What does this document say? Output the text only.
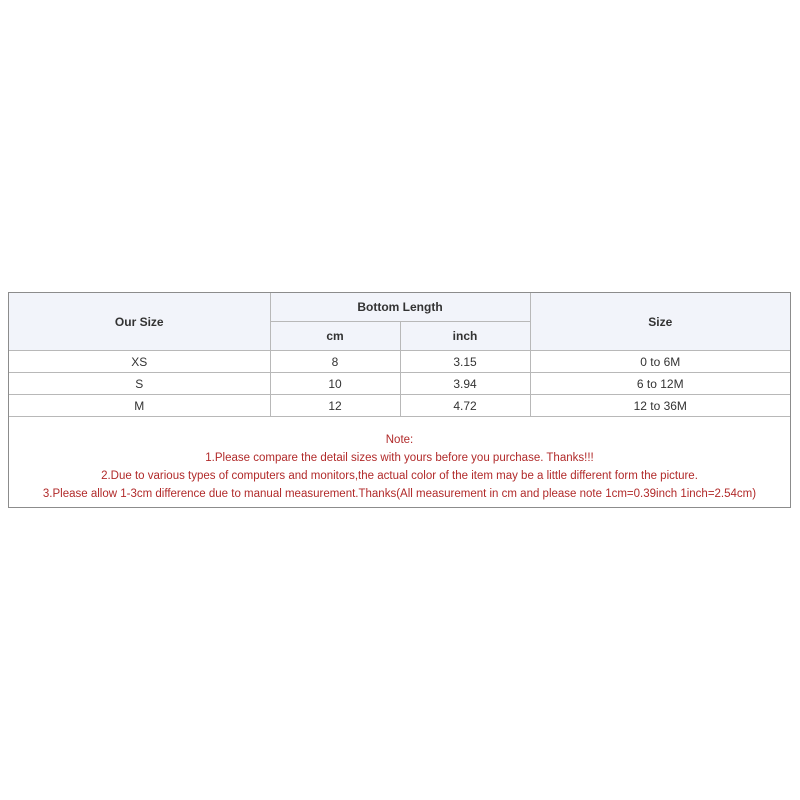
Our Size	Bottom Length		Size
	cm	inch	
XS	8	3.15	0 to 6M
S	10	3.94	6 to 12M
M	12	4.72	12 to 36M
Note:
1.Please compare the detail sizes with yours before you purchase. Thanks!!!
2.Due to various types of computers and monitors,the actual color of the item may be a little different form the picture.
3.Please allow 1-3cm difference due to manual measurement.Thanks(All measurement in cm and please note 1cm=0.39inch 1inch=2.54cm)
